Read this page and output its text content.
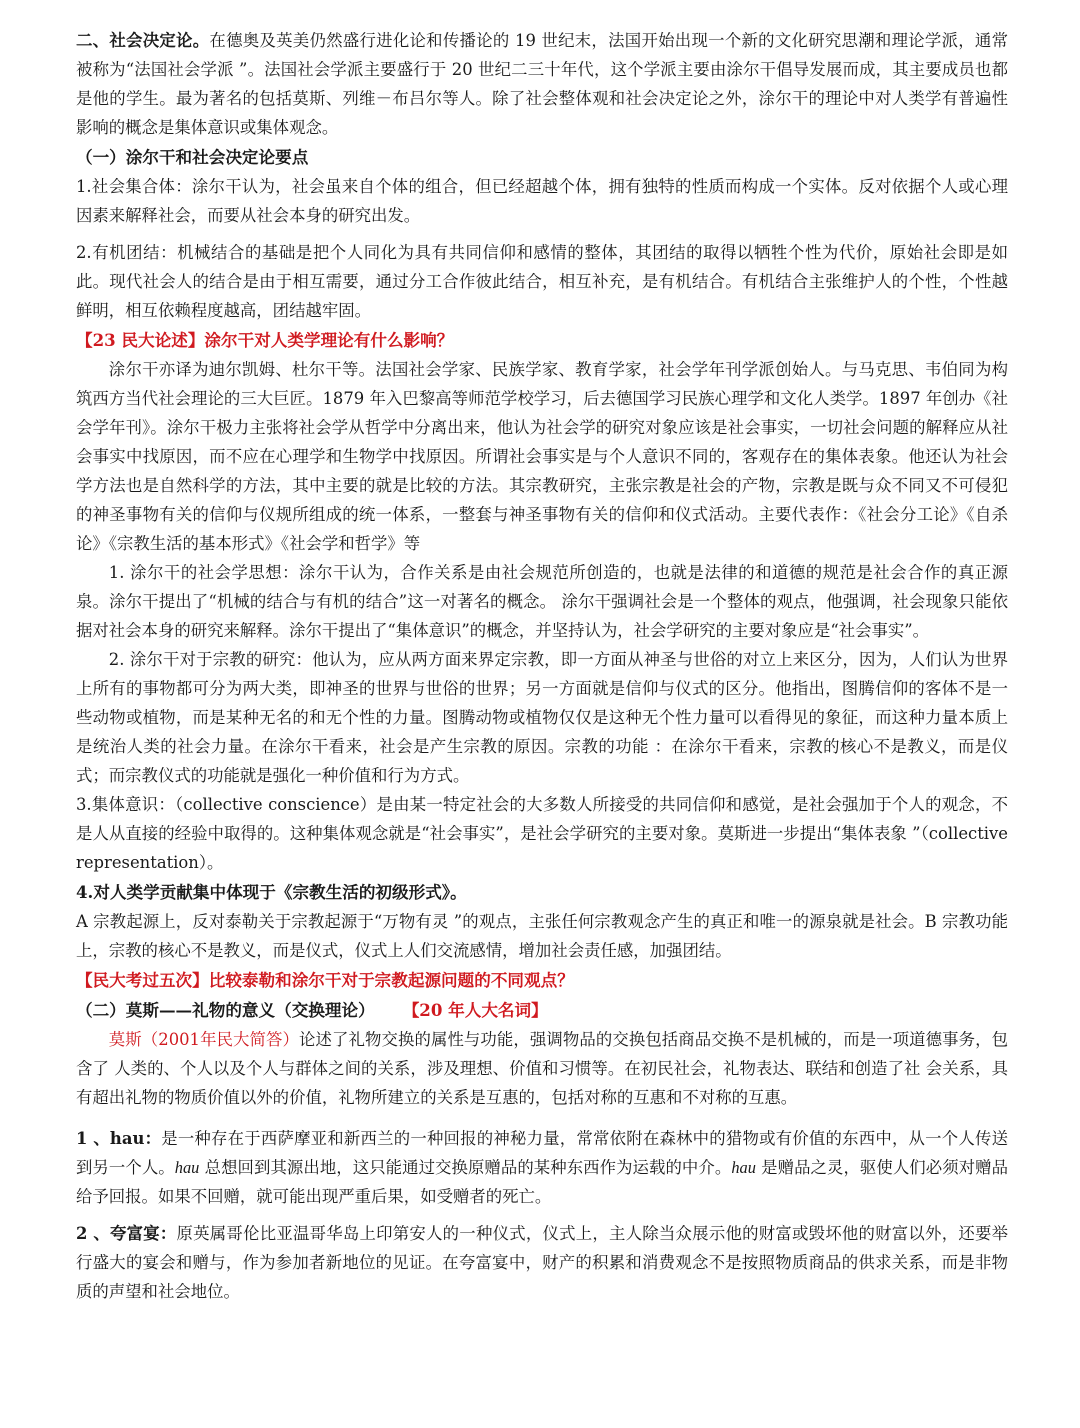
二、社会决定论。在德奥及英美仍然盛行进化论和传播论的 19 世纪末，法国开始出现一个新的文化研究思潮和理论学派，通常被称为“法国社会学派 ”。法国社会学派主要盛行于 20 世纪二三十年代，这个学派主要由涂尔干倡导发展而成，其主要成员也都是他的学生。最为著名的包括莫斯、列维－布吕尔等人。除了社会整体观和社会决定论之外，涂尔干的理论中对人类学有普遍性影响的概念是集体意识或集体观念。

（一）涂尔干和社会决定论要点

1.社会集合体：涂尔干认为，社会虽来自个体的组合，但已经超越个体，拥有独特的性质而构成一个实体。反对依据个人或心理因素来解释社会，而要从社会本身的研究出发。

2.有机团结：机械结合的基础是把个人同化为具有共同信仰和感情的整体，其团结的取得以牺牲个性为代价，原始社会即是如此。现代社会人的结合是由于相互需要，通过分工合作彼此结合，相互补充，是有机结合。有机结合主张维护人的个性，个性越鲜明，相互依赖程度越高，团结越牢固。

【23 民大论述】涂尔干对人类学理论有什么影响？

涂尔干亦译为迪尔凯姆、杜尔干等。法国社会学家、民族学家、教育学家，社会学年刊学派创始人。与马克思、韦伯同为构筑西方当代社会理论的三大巨匠。1879 年入巴黎高等师范学校学习，后去德国学习民族心理学和文化人类学。1897 年创办《社会学年刊》。涂尔干极力主张将社会学从哲学中分离出来，他认为社会学的研究对象应该是社会事实，一切社会问题的解释应从社会事实中找原因，而不应在心理学和生物学中找原因。所谓社会事实是与个人意识不同的，客观存在的集体表象。他还认为社会学方法也是自然科学的方法，其中主要的就是比较的方法。其宗教研究，主张宗教是社会的产物，宗教是既与众不同又不可侵犯的神圣事物有关的信仰与仪规所组成的统一体系，一整套与神圣事物有关的信仰和仪式活动。主要代表作：《社会分工论》《自杀论》《宗教生活的基本形式》《社会学和哲学》等

1. 涂尔干的社会学思想：涂尔干认为，合作关系是由社会规范所创造的，也就是法律的和道德的规范是社会合作的真正源泉。涂尔干提出了“机械的结合与有机的结合”这一对著名的概念。 涂尔干强调社会是一个整体的观点，他强调，社会现象只能依据对社会本身的研究来解释。涂尔干提出了“集体意识”的概念，并坚持认为，社会学研究的主要对象应是“社会事实”。

2. 涂尔干对于宗教的研究：他认为，应从两方面来界定宗教，即一方面从神圣与世俗的对立上来区分，因为，人们认为世界上所有的事物都可分为两大类，即神圣的世界与世俗的世界；另一方面就是信仰与仪式的区分。他指出，图腾信仰的客体不是一些动物或植物，而是某种无名的和无个性的力量。图腾动物或植物仅仅是这种无个性力量可以看得见的象征，而这种力量本质上是统治人类的社会力量。在涂尔干看来，社会是产生宗教的原因。宗教的功能 ：在涂尔干看来，宗教的核心不是教义，而是仪式；而宗教仪式的功能就是强化一种价值和行为方式。

3.集体意识：（collective conscience）是由某一特定社会的大多数人所接受的共同信仰和感觉，是社会强加于个人的观念，不是人从直接的经验中取得的。这种集体观念就是“社会事实”，是社会学研究的主要对象。莫斯进一步提出“集体表象 ”（collective representation）。

4.对人类学贡献集中体现于《宗教生活的初级形式》。

A 宗教起源上，反对泰勒关于宗教起源于“万物有灵 ”的观点，主张任何宗教观念产生的真正和唯一的源泉就是社会。B 宗教功能上，宗教的核心不是教义，而是仪式，仪式上人们交流感情，增加社会责任感，加强团结。

【民大考过五次】比较泰勒和涂尔干对于宗教起源问题的不同观点？

（二）莫斯——礼物的意义（交换理论） 【20 年人大名词】

莫斯（2001年民大简答）论述了礼物交换的属性与功能，强调物品的交换包括商品交换不是机械的，而是一项道德事务，包含了 人类的、个人以及个人与群体之间的关系，涉及理想、价值和习惯等。在初民社会，礼物表达、联结和创造了社 会关系，具有超出礼物的物质价值以外的价值，礼物所建立的关系是互惠的，包括对称的互惠和不对称的互惠。

1 、hau：是一种存在于西萨摩亚和新西兰的一种回报的神秘力量，常常依附在森林中的猎物或有价值的东西中，从一个人传送到另一个人。hau 总想回到其源出地，这只能通过交换原赠品的某种东西作为运载的中介。hau 是赠品之灵，驱使人们必须对赠品给予回报。如果不回赠，就可能出现严重后果，如受赠者的死亡。

2 、夸富宴：原英属哥伦比亚温哥华岛上印第安人的一种仪式，仪式上，主人除当众展示他的财富或毁坏他的财富以外，还要举行盛大的宴会和赠与，作为参加者新地位的见证。在夸富宴中，财产的积累和消费观念不是按照物质商品的供求关系，而是非物质的声望和社会地位。
